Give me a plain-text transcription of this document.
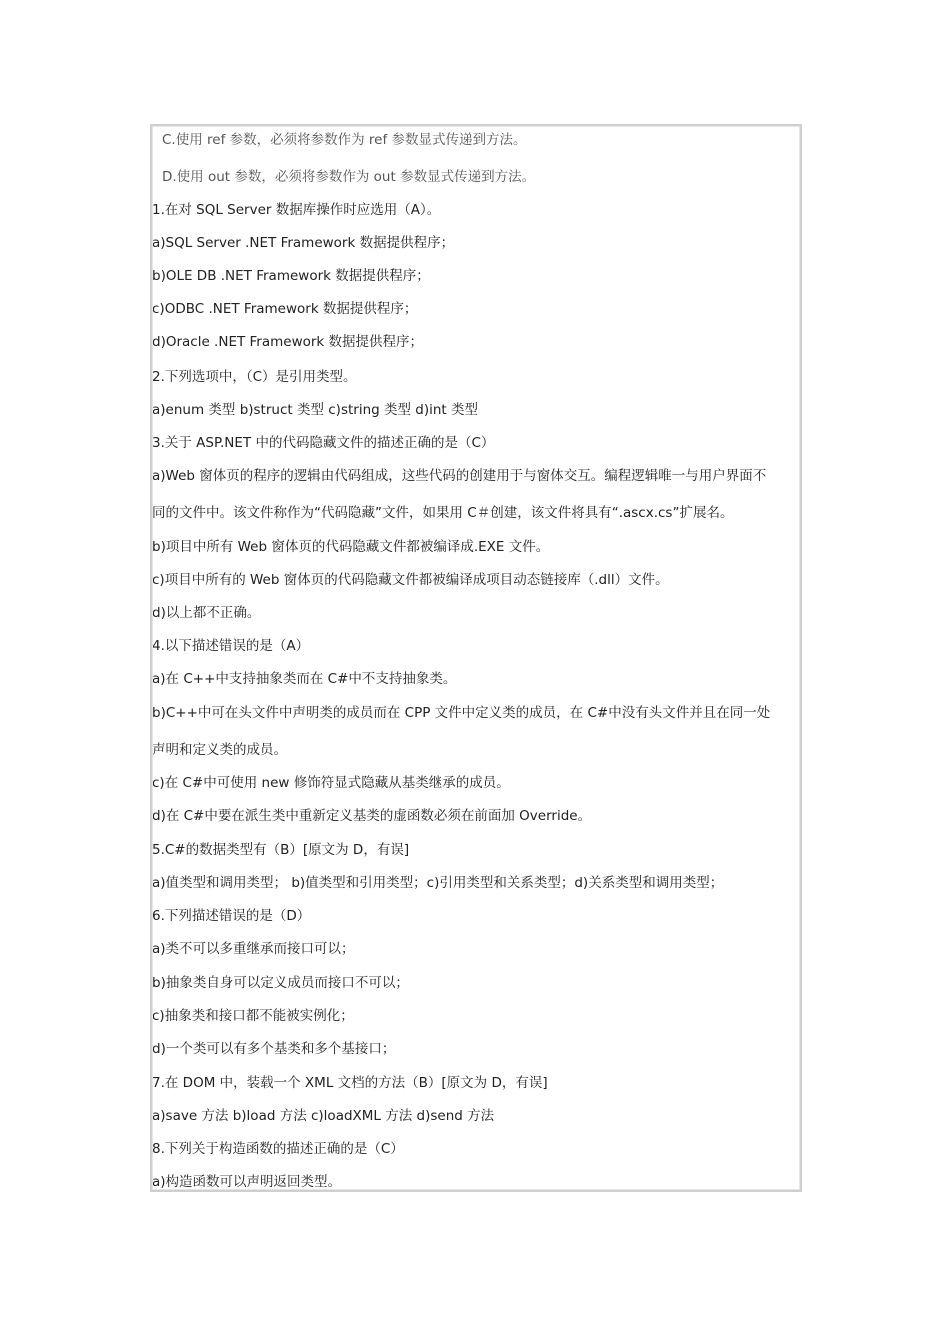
C.使用 ref 参数，必须将参数作为 ref 参数显式传递到方法。
D.使用 out 参数，必须将参数作为 out 参数显式传递到方法。
1.在对 SQL Server 数据库操作时应选用（A）。
a)SQL Server .NET Framework 数据提供程序；
b)OLE DB .NET Framework 数据提供程序；
c)ODBC .NET Framework 数据提供程序；
d)Oracle .NET Framework 数据提供程序；
2.下列选项中，（C）是引用类型。
a)enum 类型 b)struct 类型 c)string 类型 d)int 类型
3.关于 ASP.NET 中的代码隐藏文件的描述正确的是（C）
a)Web 窗体页的程序的逻辑由代码组成，这些代码的创建用于与窗体交互。编程逻辑唯一与用户界面不
同的文件中。该文件称作为“代码隐藏”文件，如果用 C＃创建，该文件将具有“.ascx.cs”扩展名。
b)项目中所有 Web 窗体页的代码隐藏文件都被编译成.EXE 文件。
c)项目中所有的 Web 窗体页的代码隐藏文件都被编译成项目动态链接库（.dll）文件。
d)以上都不正确。
4.以下描述错误的是（A）
a)在 C++中支持抽象类而在 C#中不支持抽象类。
b)C++中可在头文件中声明类的成员而在 CPP 文件中定义类的成员，在 C#中没有头文件并且在同一处
声明和定义类的成员。
c)在 C#中可使用 new 修饰符显式隐藏从基类继承的成员。
d)在 C#中要在派生类中重新定义基类的虚函数必须在前面加 Override。
5.C#的数据类型有（B）[原文为 D，有误]
a)值类型和调用类型； b)值类型和引用类型；c)引用类型和关系类型；d)关系类型和调用类型；
6.下列描述错误的是（D）
a)类不可以多重继承而接口可以；
b)抽象类自身可以定义成员而接口不可以；
c)抽象类和接口都不能被实例化；
d)一个类可以有多个基类和多个基接口；
7.在 DOM 中，装载一个 XML 文档的方法（B）[原文为 D，有误]
a)save 方法 b)load 方法 c)loadXML 方法 d)send 方法
8.下列关于构造函数的描述正确的是（C）
a)构造函数可以声明返回类型。
